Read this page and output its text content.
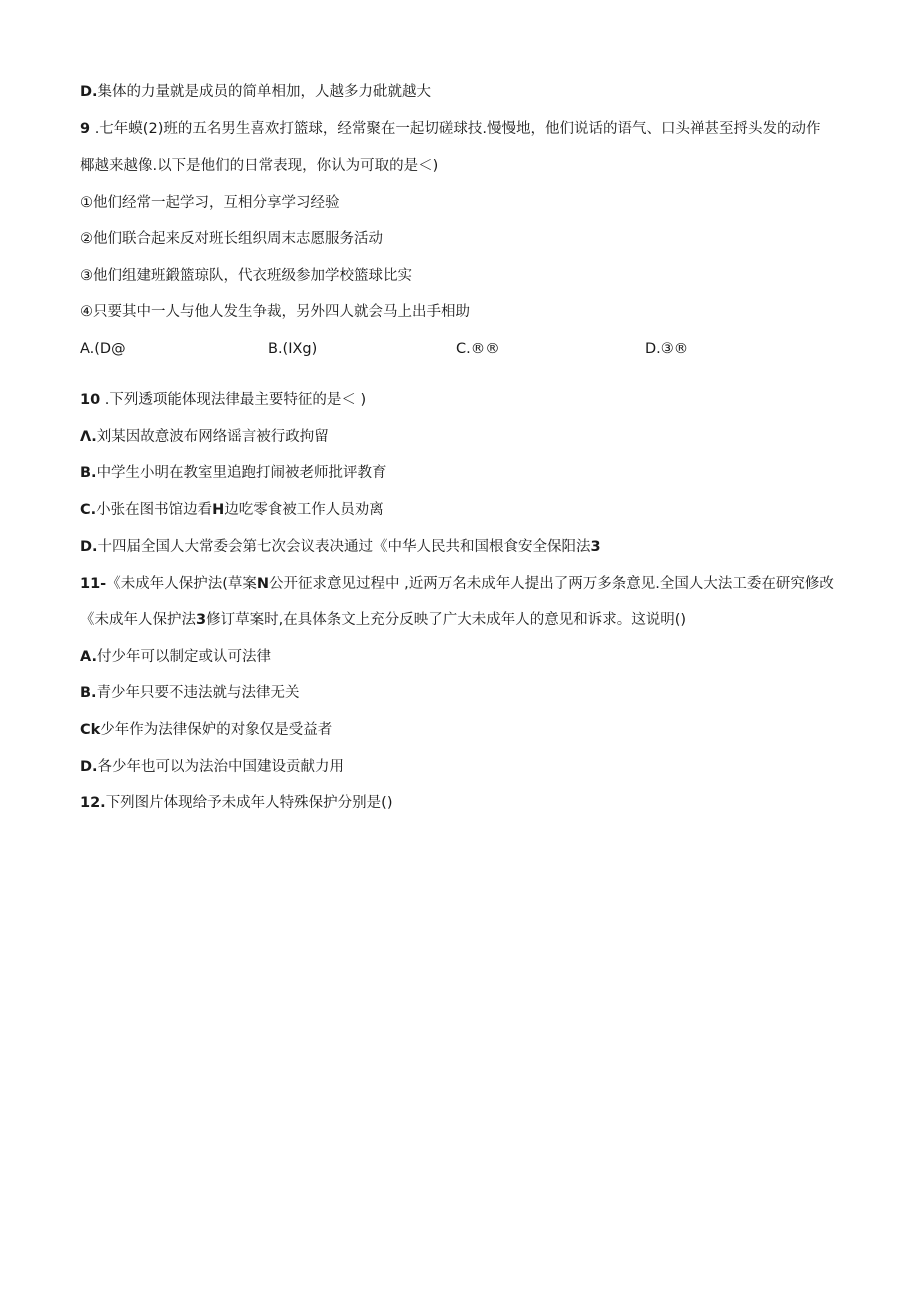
D.集体的力量就是成员的简单相加，人越多力砒就越大
9 .七年蟆(2)班的五名男生喜欢打篮球，经常聚在一起切磋球技.慢慢地，他们说话的语气、口头禅甚至捋头发的动作
椰越来越像.以下是他们的日常表现，你认为可取的是＜)
①他们经常一起学习，互相分享学习经验
②他们联合起来反对班长组织周末志愿服务活动
③他们组建班鍛篮琼队，代衣班级参加学校篮球比实
④只要其中一人与他人发生争裁，另外四人就会马上出手相助
A.(D@	B.(IXg)	C.®®	D.③®
10 .下列透项能体现法律最主要特征的是＜ )
Λ.刘某因故意波布网络谣言被行政拘留
B.中学生小明在教室里追跑打闹被老师批评教育
C.小张在图书馆边看H边吃零食被工作人员劝离
D.十四届全国人大常委会第七次会议表决通过《中华人民共和国根食安全保阳法3
11-《未成年人保护法(草案N公开征求意见过程中 ,近两万名未成年人提出了两万多条意见.全国人大法工委在研究修改
《未成年人保护法3修订草案时,在具体条文上充分反映了广大未成年人的意见和诉求。这说明()
A.付少年可以制定或认可法律
B.青少年只要不违法就与法律无关
Ck少年作为法律保妒的对象仅是受益者
D.各少年也可以为法治中国建设贡献力用
12.下列图片体现给予未成年人特殊保护分别是()
